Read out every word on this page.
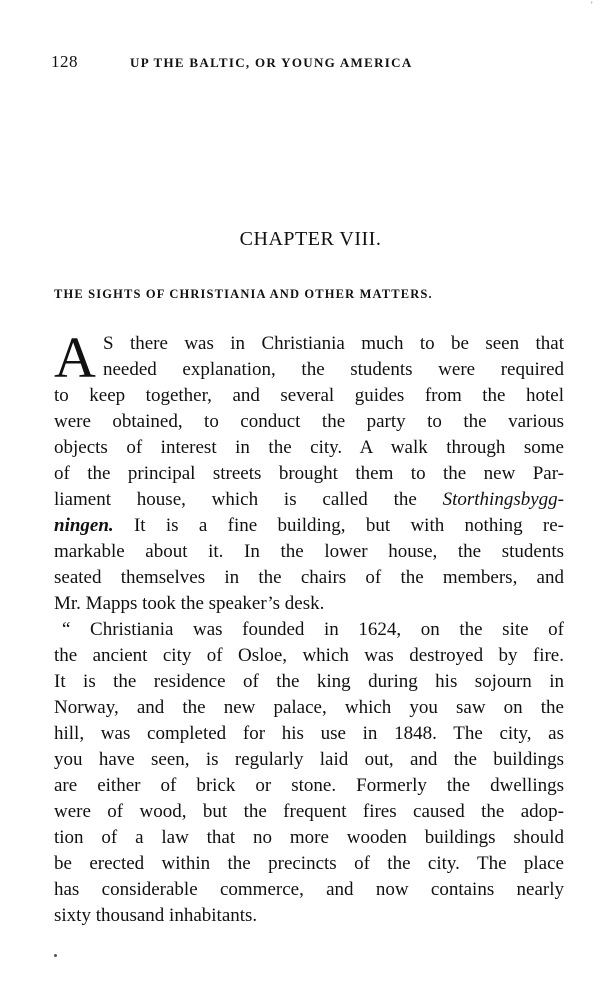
'
128	UP THE BALTIC, OR YOUNG AMERICA
CHAPTER VIII.
THE SIGHTS OF CHRISTIANIA AND OTHER MATTERS.
A S there was in Christiania much to be seen that
needed explanation, the students were required
to keep together, and several guides from the hotel
were obtained, to conduct the party to the various
objects of interest in the city. A walk through some
of the principal streets brought them to the new Par-
liament house, which is called the Storthingsbygg-
ningen. It is a fine building, but with nothing re-
markable about it. In the lower house, the students
seated themselves in the chairs of the members, and
Mr. Mapps took the speaker’s desk.
“ Christiania was founded in 1624, on the site of
the ancient city of Osloe, which was destroyed by fire.
It is the residence of the king during his sojourn in
Norway, and the new palace, which you saw on the
hill, was completed for his use in 1848. The city, as
you have seen, is regularly laid out, and the buildings
are either of brick or stone. Formerly the dwellings
were of wood, but the frequent fires caused the adop-
tion of a law that no more wooden buildings should
be erected within the precincts of the city. The place
has considerable commerce, and now contains nearly
sixty thousand inhabitants.
